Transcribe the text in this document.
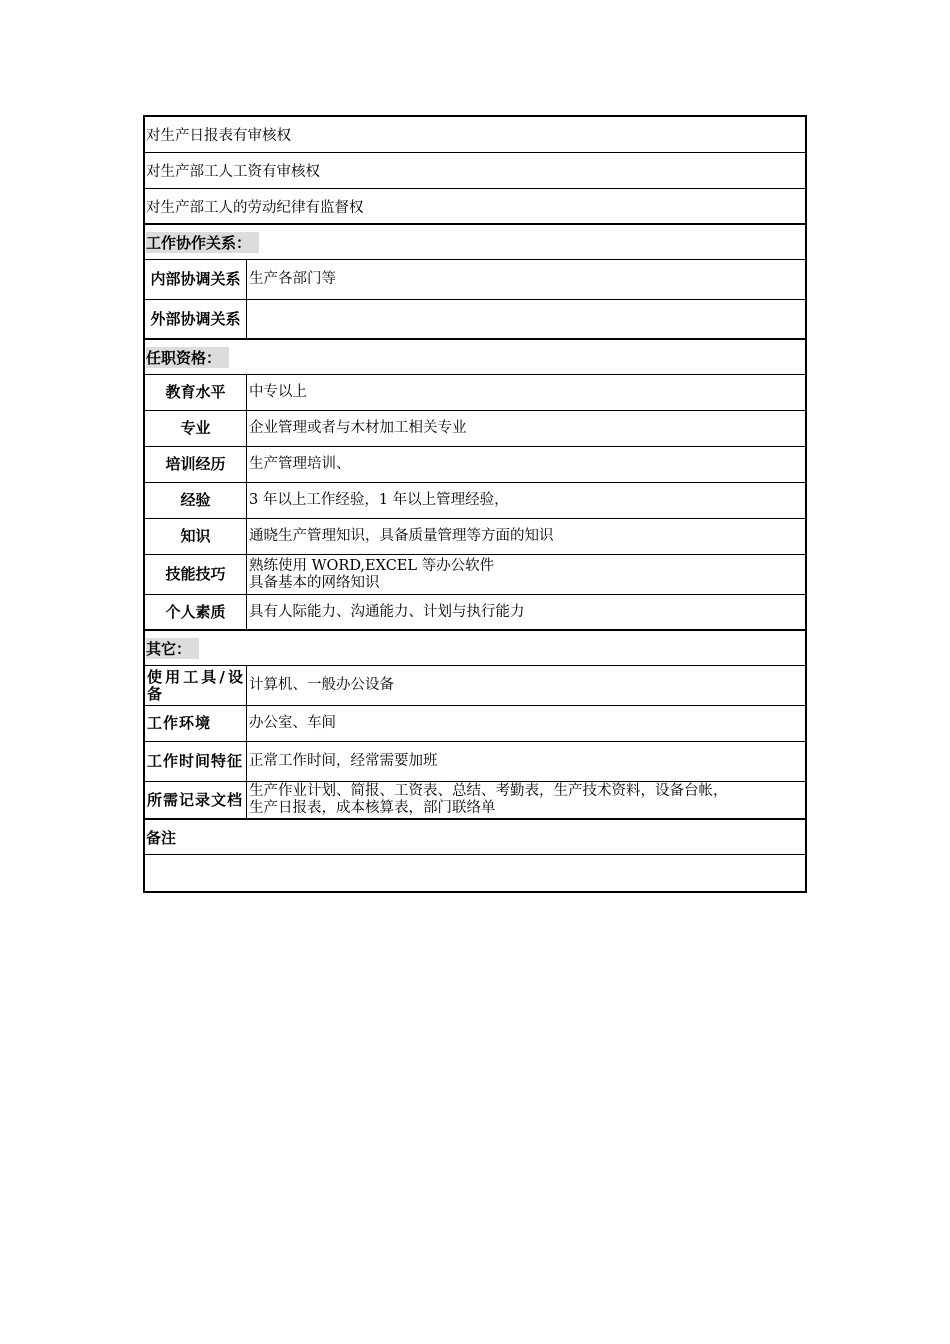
对生产日报表有审核权
对生产部工人工资有审核权
对生产部工人的劳动纪律有监督权
工作协作关系：
内部协调关系 生产各部门等
外部协调关系
任职资格：
教育水平	中专以上
专业	企业管理或者与木材加工相关专业
培训经历	生产管理培训、
经验	3 年以上工作经验，1 年以上管理经验，
知识	通晓生产管理知识，具备质量管理等方面的知识
技能技巧	熟练使用 WORD,EXCEL 等办公软件
具备基本的网络知识
个人素质	具有人际能力、沟通能力、计划与执行能力
其它：
使用工具/设备	计算机、一般办公设备
工作环境	办公室、车间
工作时间特征 正常工作时间，经常需要加班
所需记录文档 生产作业计划、简报、工资表、总结、考勤表，生产技术资料，设备台帐，
生产日报表，成本核算表，部门联络单
备注
